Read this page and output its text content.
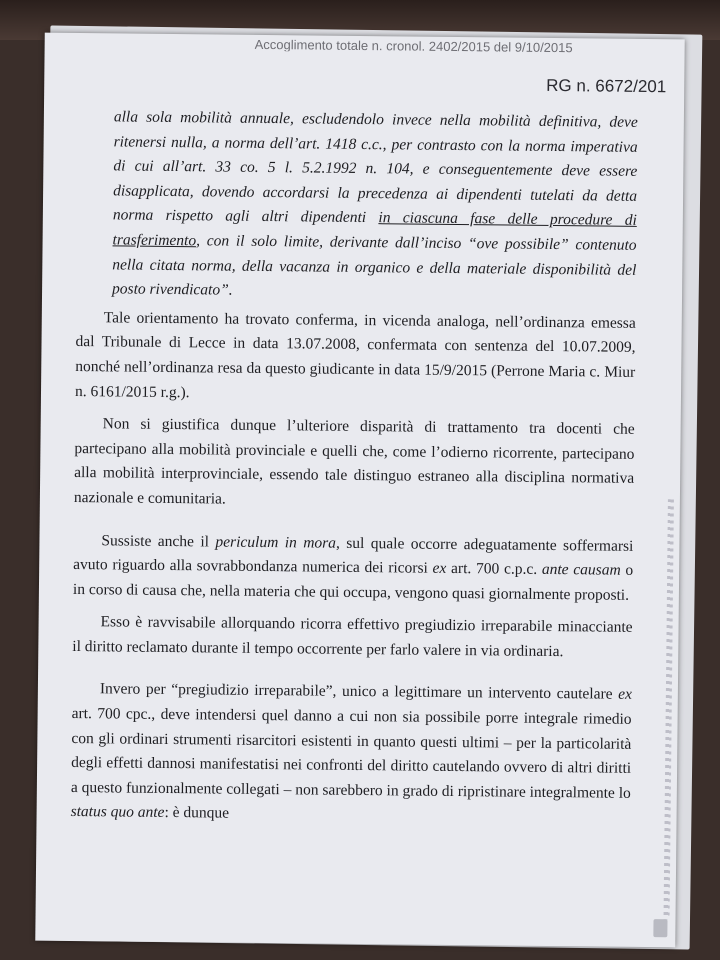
Accoglimento totale n. cronol. 2402/2015 del 9/10/2015
RG n. 6672/201
alla sola mobilità annuale, escludendolo invece nella mobilità definitiva, deve ritenersi nulla, a norma dell’art. 1418 c.c., per contrasto con la norma imperativa di cui all’art. 33 co. 5 l. 5.2.1992 n. 104, e conseguentemente deve essere disapplicata, dovendo accordarsi la precedenza ai dipendenti tutelati da detta norma rispetto agli altri dipendenti in ciascuna fase delle procedure di trasferimento, con il solo limite, derivante dall’inciso “ove possibile” contenuto nella citata norma, della vacanza in organico e della materiale disponibilità del posto rivendicato”.

Tale orientamento ha trovato conferma, in vicenda analoga, nell’ordinanza emessa dal Tribunale di Lecce in data 13.07.2008, confermata con sentenza del 10.07.2009, nonché nell’ordinanza resa da questo giudicante in data 15/9/2015 (Perrone Maria c. Miur n. 6161/2015 r.g.).

Non si giustifica dunque l’ulteriore disparità di trattamento tra docenti che partecipano alla mobilità provinciale e quelli che, come l’odierno ricorrente, partecipano alla mobilità interprovinciale, essendo tale distinguo estraneo alla disciplina normativa nazionale e comunitaria.

Sussiste anche il periculum in mora, sul quale occorre adeguatamente soffermarsi avuto riguardo alla sovrabbondanza numerica dei ricorsi ex art. 700 c.p.c. ante causam o in corso di causa che, nella materia che qui occupa, vengono quasi giornalmente proposti.

Esso è ravvisabile allorquando ricorra effettivo pregiudizio irreparabile minacciante il diritto reclamato durante il tempo occorrente per farlo valere in via ordinaria.

Invero per “pregiudizio irreparabile”, unico a legittimare un intervento cautelare ex art. 700 cpc., deve intendersi quel danno a cui non sia possibile porre integrale rimedio con gli ordinari strumenti risarcitori esistenti in quanto questi ultimi – per la particolarità degli effetti dannosi manifestatisi nei confronti del diritto cautelando ovvero di altri diritti a questo funzionalmente collegati – non sarebbero in grado di ripristinare integralmente lo status quo ante: è dunque
